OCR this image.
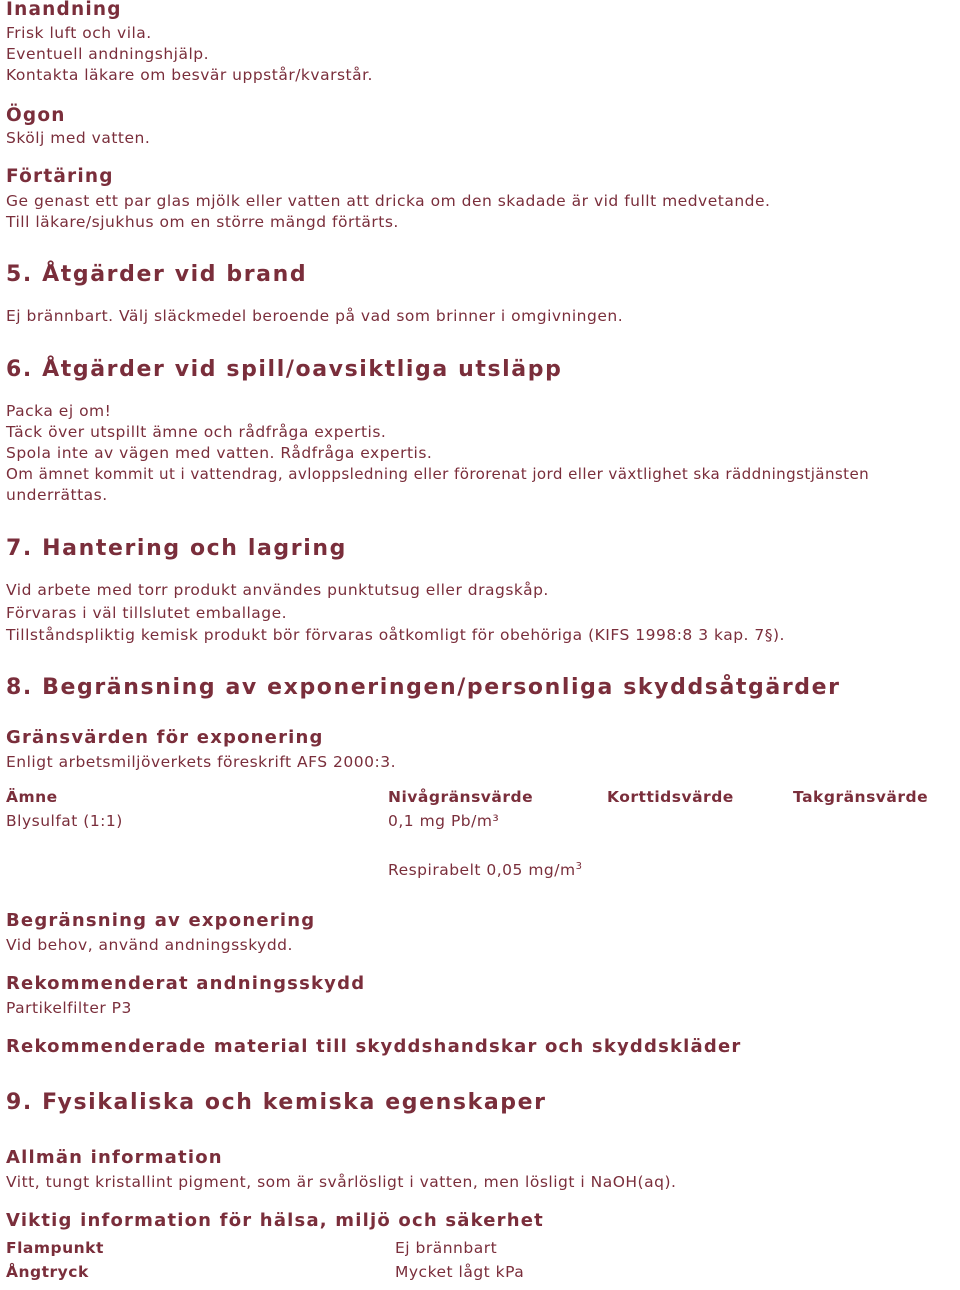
Inandning
Frisk luft och vila.
Eventuell andningshjälp.
Kontakta läkare om besvär uppstår/kvarstår.
Ögon
Skölj med vatten.
Förtäring
Ge genast ett par glas mjölk eller vatten att dricka om den skadade är vid fullt medvetande.
Till läkare/sjukhus om en större mängd förtärts.
5. Åtgärder vid brand
Ej brännbart. Välj släckmedel beroende på vad som brinner i omgivningen.
6. Åtgärder vid spill/oavsiktliga utsläpp
Packa ej om!
Täck över utspillt ämne och rådfråga expertis.
Spola inte av vägen med vatten. Rådfråga expertis.
Om ämnet kommit ut i vattendrag, avloppsledning eller förorenat jord eller växtlighet ska räddningstjänsten
underrättas.
7. Hantering och lagring
Vid arbete med torr produkt användes punktutsug eller dragskåp.
Förvaras i väl tillslutet emballage.
Tillståndspliktig kemisk produkt bör förvaras oåtkomligt för obehöriga (KIFS 1998:8 3 kap. 7§).
8. Begränsning av exponeringen/personliga skyddsåtgärder
Gränsvärden för exponering
Enligt arbetsmiljöverkets föreskrift AFS 2000:3.
Ämne	Nivågränsvärde	Korttidsvärde	Takgränsvärde
Blysulfat (1:1)	0,1 mg Pb/m³
Respirabelt 0,05 $mg/m^3$
Begränsning av exponering
Vid behov, använd andningsskydd.
Rekommenderat andningsskydd
Partikelfilter P3
Rekommenderade material till skyddshandskar och skyddskläder
9. Fysikaliska och kemiska egenskaper
Allmän information
Vitt, tungt kristallint pigment, som är svårlösligt i vatten, men lösligt i NaOH(aq).
Viktig information för hälsa, miljö och säkerhet
Flampunkt	Ej brännbart
Ångtryck	Mycket lågt kPa
